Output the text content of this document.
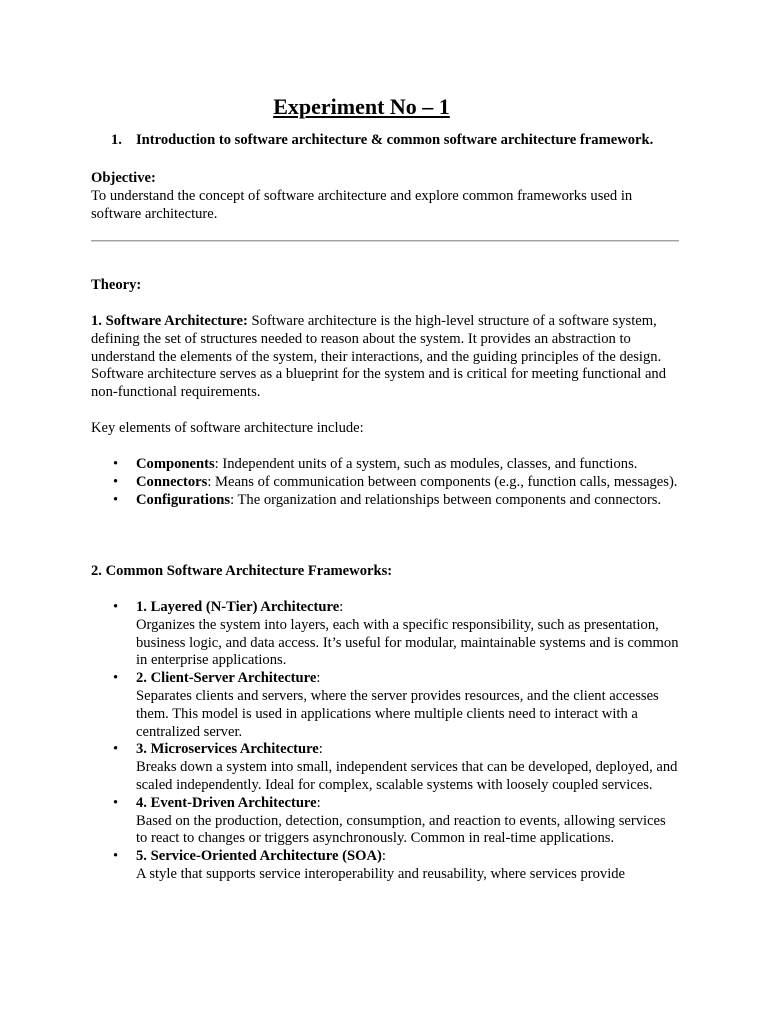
Experiment No – 1
1. Introduction to software architecture & common software architecture framework.
Objective:
To understand the concept of software architecture and explore common frameworks used in software architecture.
Theory:
1. Software Architecture: Software architecture is the high-level structure of a software system, defining the set of structures needed to reason about the system. It provides an abstraction to understand the elements of the system, their interactions, and the guiding principles of the design. Software architecture serves as a blueprint for the system and is critical for meeting functional and non-functional requirements.
Key elements of software architecture include:
• Components: Independent units of a system, such as modules, classes, and functions.
• Connectors: Means of communication between components (e.g., function calls, messages).
• Configurations: The organization and relationships between components and connectors.
2. Common Software Architecture Frameworks:
• 1. Layered (N-Tier) Architecture:
Organizes the system into layers, each with a specific responsibility, such as presentation, business logic, and data access. It’s useful for modular, maintainable systems and is common in enterprise applications.
• 2. Client-Server Architecture:
Separates clients and servers, where the server provides resources, and the client accesses them. This model is used in applications where multiple clients need to interact with a centralized server.
• 3. Microservices Architecture:
Breaks down a system into small, independent services that can be developed, deployed, and scaled independently. Ideal for complex, scalable systems with loosely coupled services.
• 4. Event-Driven Architecture:
Based on the production, detection, consumption, and reaction to events, allowing services to react to changes or triggers asynchronously. Common in real-time applications.
• 5. Service-Oriented Architecture (SOA):
A style that supports service interoperability and reusability, where services provide
